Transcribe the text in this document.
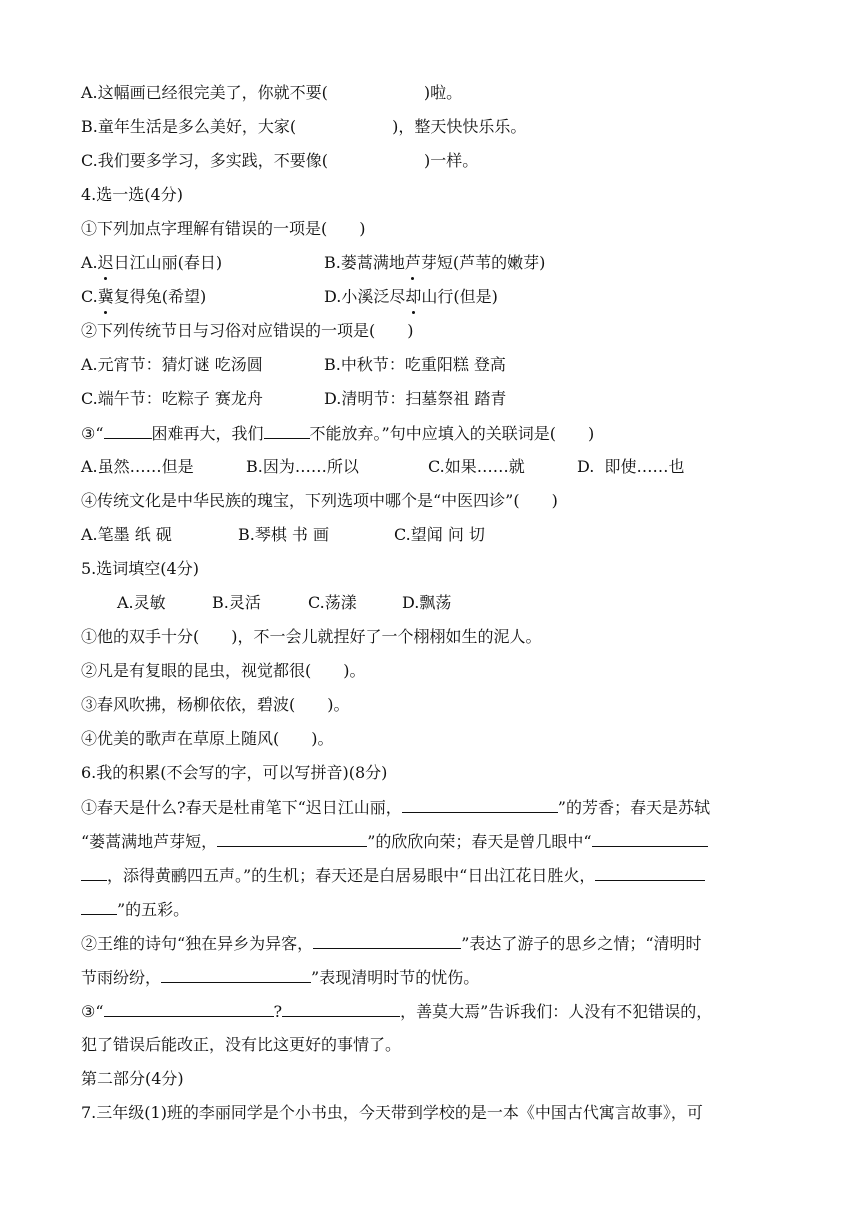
A.这幅画已经很完美了，你就不要(　　　　　　)啦。
B.童年生活是多么美好，大家(　　　　　　)，整天快快乐乐。
C.我们要多学习，多实践，不要像(　　　　　　)一样。
4.选一选(4分)
①下列加点字理解有错误的一项是(　　)
A.迟日江山丽(春日)	B.蒌蒿满地芦芽短(芦苇的嫩芽)
C.冀复得兔(希望)	D.小溪泛尽却山行(但是)
②下列传统节日与习俗对应错误的一项是(　　)
A.元宵节：猜灯谜 吃汤圆	B.中秋节：吃重阳糕 登高
C.端午节：吃粽子 赛龙舟	D.清明节：扫墓祭祖 踏青
③“	困难再大，我们	不能放弃。”句中应填入的关联词是(　　)
A.虽然……但是	B.因为……所以	C.如果……就	D.  即使……也
④传统文化是中华民族的瑰宝，下列选项中哪个是“中医四诊”(　　)
A.笔墨 纸 砚	B.琴棋 书 画	C.望闻 问 切
5.选词填空(4分)
A.灵敏	B.灵活	C.荡漾	D.飘荡
①他的双手十分(　　)，不一会儿就捏好了一个栩栩如生的泥人。
②凡是有复眼的昆虫，视觉都很(　　)。
③春风吹拂，杨柳依依，碧波(　　)。
④优美的歌声在草原上随风(　　)。
6.我的积累(不会写的字，可以写拼音)(8分)
①春天是什么?春天是杜甫笔下“迟日江山丽，	”的芳香；春天是苏轼
“蒌蒿满地芦芽短，	”的欣欣向荣；春天是曾几眼中“
，添得黄鹂四五声。”的生机；春天还是白居易眼中“日出江花日胜火，
”的五彩。
②王维的诗句“独在异乡为异客，	”表达了游子的思乡之情；“清明时
节雨纷纷，	”表现清明时节的忧伤。
③“	?	，善莫大焉”告诉我们：人没有不犯错误的，
犯了错误后能改正，没有比这更好的事情了。
第二部分(4分)
7.三年级(1)班的李丽同学是个小书虫，今天带到学校的是一本《中国古代寓言故事》，可
